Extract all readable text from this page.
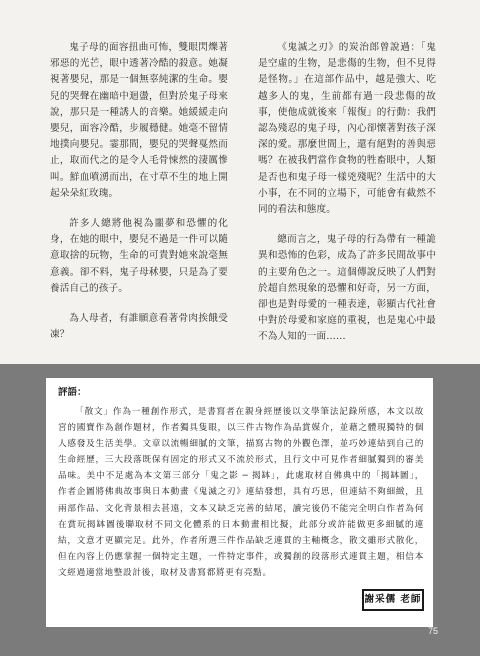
鬼子母的面容扭曲可怖，雙眼閃爍著邪惡的光芒，眼中透著冷酷的殺意。她凝視著嬰兒，那是一個無辜純潔的生命。嬰兒的哭聲在幽暗中迴盪，但對於鬼子母來說，那只是一種誘人的音樂。她緩緩走向嬰兒，面容冷酷，步履穩健。她毫不留情地撲向嬰兒。霎那間，嬰兒的哭聲戛然而止，取而代之的是令人毛骨悚然的淒厲慘叫。鮮血噴湧而出，在寸草不生的地上開起朵朵紅玫瑰。

許多人總將他視為噩夢和恐懼的化身，在她的眼中，嬰兒不過是一件可以隨意取捨的玩物，生命的可貴對她來說毫無意義。卻不料，鬼子母秫嬰，只是為了要養活自己的孩子。

為人母者，有誰願意看著骨肉挨餓受凍？

《鬼滅之刃》的炭治郎曾說過：「鬼是空虛的生物，是悲傷的生物，但不見得是怪物。」在這部作品中，越是強大、吃越多人的鬼，生前都有過一段悲傷的故事，使他成就後來「報復」的行動：我們認為殘忍的鬼子母，內心卻懷著對孩子深深的愛。那麼世間上，還有絕對的善與惡嗎？在被我們當作食物的牲畜眼中，人類是否也和鬼子母一樣兇殘呢？生活中的大小事，在不同的立場下，可能會有截然不同的看法和態度。

總而言之，鬼子母的行為帶有一種詭異和恐怖的色彩，成為了許多民間故事中的主要角色之一。這個傳說反映了人們對於超自然現象的恐懼和好奇，另一方面，卻也是對母愛的一種表達，彰顯古代社會中對於母愛和家庭的重視，也是鬼心中最不為人知的一面……

評語：

「散文」作為一種創作形式，是書寫者在親身經歷後以文學筆法記錄所感，本文以故宮的國寶作為創作題材，作者獨具隻眼，以三件古物作為品賞媒介，並藉之體現獨特的個人感發及生活美學。文章以流暢細膩的文筆，描寫古物的外觀色澤，並巧妙連結到自己的生命經歷，三大段落既保有固定的形式又不流於形式，且行文中可見作者細膩獨到的審美品味。美中不足處為本文第三部分「鬼之影 ─ 揭缽」，此處取材自佛典中的「揭缽圖」，作者企圖將佛典故事與日本動畫《鬼滅之刃》連結發想，具有巧思，但連結不夠細緻，且兩部作品、文化背景相去甚遠，文本又缺乏完善的結尾，讀完後仍不能完全明白作者為何在賞玩揭缽圖後聯取材不同文化體系的日本動畫相比擬，此部分或許能做更多細膩的連結，文意才更顯完足。此外，作者所選三件作品缺乏連貫的主軸概念，散文雖形式散化，但在內容上仍應掌握一個特定主題，一件特定事件，或獨創的段落形式連貫主題，相信本文經過適當地整設計後，取材及書寫都將更有亮點。

謝采儒 老師
75
